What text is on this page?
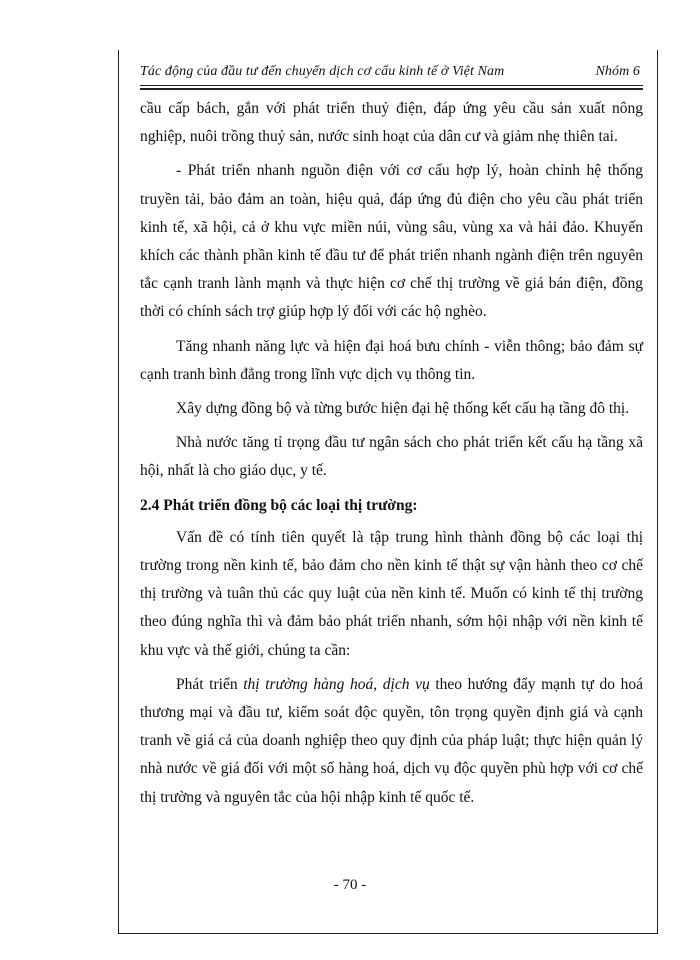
Tác động của đầu tư đến chuyển dịch cơ cấu kinh tế ở Việt Nam	Nhóm 6

cầu cấp bách, gắn với phát triển thuỷ điện, đáp ứng yêu cầu sản xuất nông nghiệp, nuôi trồng thuỷ sản, nước sinh hoạt của dân cư và giảm nhẹ thiên tai.

- Phát triển nhanh nguồn điện với cơ cấu hợp lý, hoàn chỉnh hệ thống truyền tải, bảo đảm an toàn, hiệu quả, đáp ứng đủ điện cho yêu cầu phát triển kinh tế, xã hội, cả ở khu vực miền núi, vùng sâu, vùng xa và hải đảo. Khuyến khích các thành phần kinh tế đầu tư để phát triển nhanh ngành điện trên nguyên tắc cạnh tranh lành mạnh và thực hiện cơ chế thị trường về giá bán điện, đồng thời có chính sách trợ giúp hợp lý đối với các hộ nghèo.

Tăng nhanh năng lực và hiện đại hoá bưu chính - viễn thông; bảo đảm sự cạnh tranh bình đẳng trong lĩnh vực dịch vụ thông tin.

Xây dựng đồng bộ và từng bước hiện đại hệ thống kết cấu hạ tầng đô thị.

Nhà nước tăng tỉ trọng đầu tư ngân sách cho phát triển kết cấu hạ tầng xã hội, nhất là cho giáo dục, y tế.

2.4 Phát triển đồng bộ các loại thị trường:

Vấn đề có tính tiên quyết là tập trung hình thành đồng bộ các loại thị trường trong nền kinh tế, bảo đảm cho nền kinh tế thật sự vận hành theo cơ chế thị trường và tuân thủ các quy luật của nền kinh tế. Muốn có kinh tế thị trường theo đúng nghĩa thì và đảm bảo phát triển nhanh, sớm hội nhập với nền kinh tế khu vực và thế giới, chúng ta cần:

Phát triển thị trường hàng hoá, dịch vụ theo hướng đẩy mạnh tự do hoá thương mại và đầu tư, kiểm soát độc quyền, tôn trọng quyền định giá và cạnh tranh về giá cả của doanh nghiệp theo quy định của pháp luật; thực hiện quản lý nhà nước về giá đối với một số hàng hoá, dịch vụ độc quyền phù hợp với cơ chế thị trường và nguyên tắc của hội nhập kinh tế quốc tế.

- 70 -
